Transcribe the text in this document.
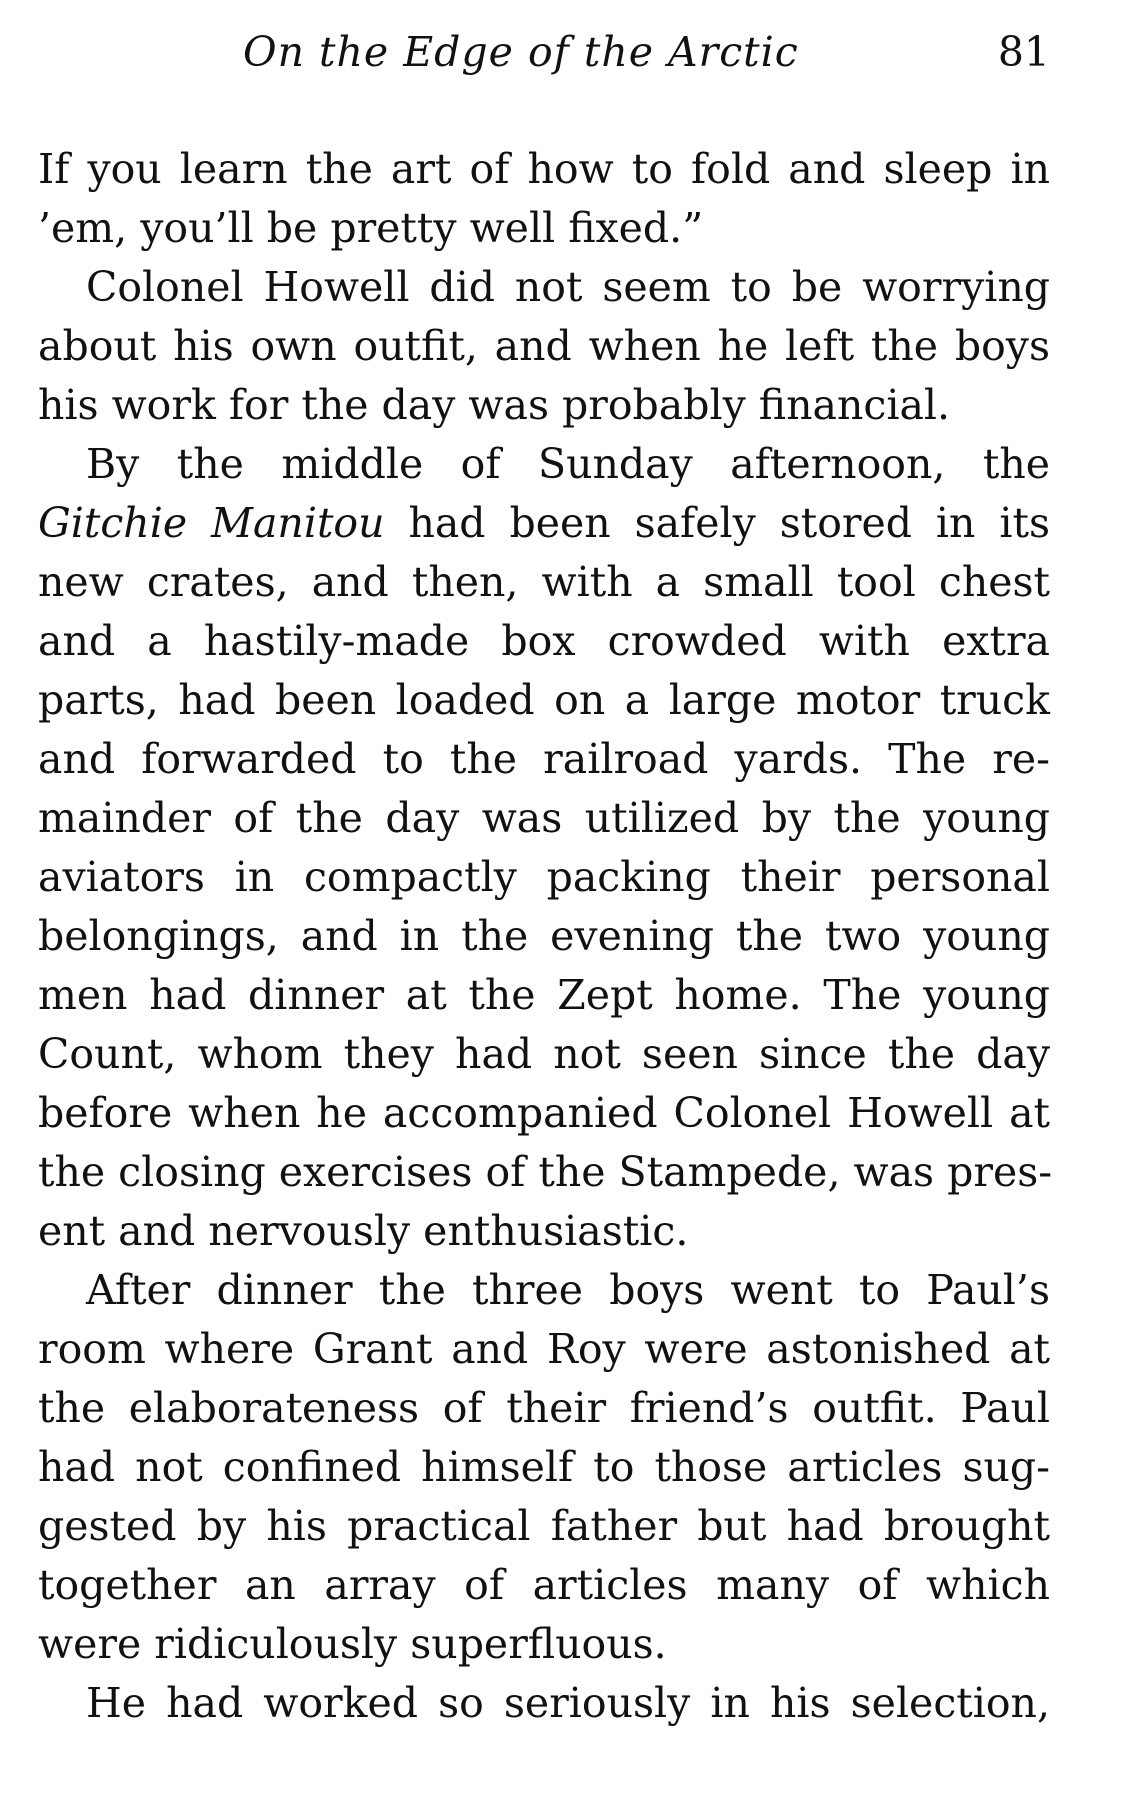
On the Edge of the Arctic	81
If you learn the art of how to fold and sleep in
’em, you’ll be pretty well fixed.”
Colonel Howell did not seem to be worrying
about his own outfit, and when he left the boys
his work for the day was probably financial.
By the middle of Sunday afternoon, the
Gitchie Manitou had been safely stored in its
new crates, and then, with a small tool chest
and a hastily-made box crowded with extra
parts, had been loaded on a large motor truck
and forwarded to the railroad yards. The re-
mainder of the day was utilized by the young
aviators in compactly packing their personal
belongings, and in the evening the two young
men had dinner at the Zept home. The young
Count, whom they had not seen since the day
before when he accompanied Colonel Howell at
the closing exercises of the Stampede, was pres-
ent and nervously enthusiastic.
After dinner the three boys went to Paul’s
room where Grant and Roy were astonished at
the elaborateness of their friend’s outfit. Paul
had not confined himself to those articles sug-
gested by his practical father but had brought
together an array of articles many of which
were ridiculously superfluous.
He had worked so seriously in his selection,
